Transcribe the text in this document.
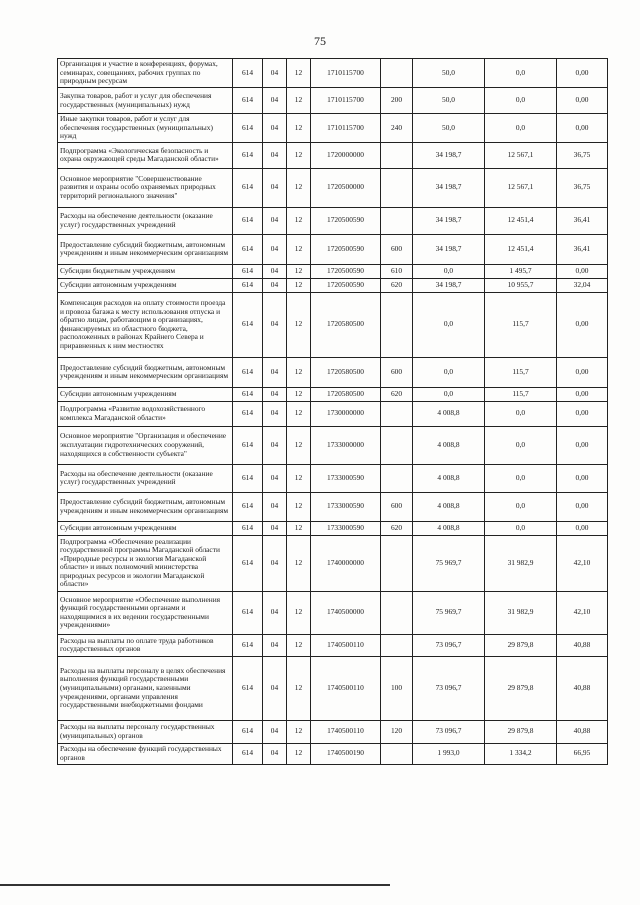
75
Организация и участие в конференциях, форумах, семинарах, совещаниях, рабочих группах по природным ресурсам	614	04	12	1710115700		50,0	0,0	0,00
Закупка товаров, работ и услуг для обеспечения государственных (муниципальных) нужд	614	04	12	1710115700	200	50,0	0,0	0,00
Иные закупки товаров, работ и услуг для обеспечения государственных (муниципальных) нужд	614	04	12	1710115700	240	50,0	0,0	0,00
Подпрограмма «Экологическая безопасность и охрана окружающей среды Магаданской области»	614	04	12	1720000000		34 198,7	12 567,1	36,75
Основное мероприятие "Совершенствование развития и охраны особо охраняемых природных территорий регионального значения"	614	04	12	1720500000		34 198,7	12 567,1	36,75
Расходы на обеспечение деятельности (оказание услуг) государственных учреждений	614	04	12	1720500590		34 198,7	12 451,4	36,41
Предоставление субсидий бюджетным, автономным учреждениям и иным некоммерческим организациям	614	04	12	1720500590	600	34 198,7	12 451,4	36,41
Субсидии бюджетным учреждениям	614	04	12	1720500590	610	0,0	1 495,7	0,00
Субсидии автономным учреждениям	614	04	12	1720500590	620	34 198,7	10 955,7	32,04
Компенсация расходов на оплату стоимости проезда и провоза багажа к месту использования отпуска и обратно лицам, работающим в организациях, финансируемых из областного бюджета, расположенных в районах Крайнего Севера и приравненных к ним местностях	614	04	12	1720580500		0,0	115,7	0,00
Предоставление субсидий бюджетным, автономным учреждениям и иным некоммерческим организациям	614	04	12	1720580500	600	0,0	115,7	0,00
Субсидии автономным учреждениям	614	04	12	1720580500	620	0,0	115,7	0,00
Подпрограмма «Развитие водохозяйственного комплекса Магаданской области»	614	04	12	1730000000		4 008,8	0,0	0,00
Основное мероприятие "Организация и обеспечение эксплуатации гидротехнических сооружений, находящихся в собственности субъекта"	614	04	12	1733000000		4 008,8	0,0	0,00
Расходы на обеспечение деятельности (оказание услуг) государственных учреждений	614	04	12	1733000590		4 008,8	0,0	0,00
Предоставление субсидий бюджетным, автономным учреждениям и иным некоммерческим организациям	614	04	12	1733000590	600	4 008,8	0,0	0,00
Субсидии автономным учреждениям	614	04	12	1733000590	620	4 008,8	0,0	0,00
Подпрограмма «Обеспечение реализации государственной программы Магаданской области «Природные ресурсы и экология Магаданской области» и иных полномочий министерства природных ресурсов и экологии Магаданской области»	614	04	12	1740000000		75 969,7	31 982,9	42,10
Основное мероприятие «Обеспечение выполнения функций государственными органами и находящимися в их ведении государственными учреждениями»	614	04	12	1740500000		75 969,7	31 982,9	42,10
Расходы на выплаты по оплате труда работников государственных органов	614	04	12	1740500110		73 096,7	29 879,8	40,88
Расходы на выплаты персоналу в целях обеспечения выполнения функций государственными (муниципальными) органами, казенными учреждениями, органами управления государственными внебюджетными фондами	614	04	12	1740500110	100	73 096,7	29 879,8	40,88
Расходы на выплаты персоналу государственных (муниципальных) органов	614	04	12	1740500110	120	73 096,7	29 879,8	40,88
Расходы на обеспечение функций государственных органов	614	04	12	1740500190		1 993,0	1 334,2	66,95
